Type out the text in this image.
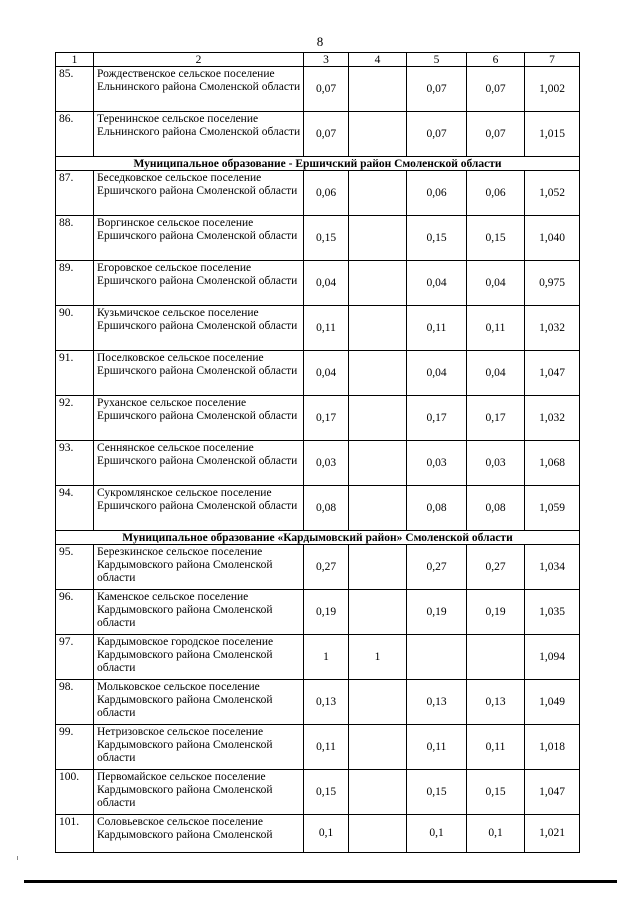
8
1	2	3	4	5	6	7
85.	Рождественское сельское поселение Ельнинского района Смоленской области	0,07		0,07	0,07	1,002
86.	Теренинское сельское поселение Ельнинского района Смоленской области	0,07		0,07	0,07	1,015
Муниципальное образование - Ершичский район Смоленской области						
87.	Беседковское сельское поселение Ершичского района Смоленской области	0,06		0,06	0,06	1,052
88.	Воргинское сельское поселение Ершичского района Смоленской области	0,15		0,15	0,15	1,040
89.	Егоровское сельское поселение Ершичского района Смоленской области	0,04		0,04	0,04	0,975
90.	Кузьмичское сельское поселение Ершичского района Смоленской области	0,11		0,11	0,11	1,032
91.	Поселковское сельское поселение Ершичского района Смоленской области	0,04		0,04	0,04	1,047
92.	Руханское сельское поселение Ершичского района Смоленской области	0,17		0,17	0,17	1,032
93.	Сеннянское сельское поселение Ершичского района Смоленской области	0,03		0,03	0,03	1,068
94.	Сукромлянское сельское поселение Ершичского района Смоленской области	0,08		0,08	0,08	1,059
Муниципальное образование «Кардымовский район» Смоленской области						
95.	Березкинское сельское поселение Кардымовского района Смоленской области	0,27		0,27	0,27	1,034
96.	Каменское сельское поселение Кардымовского района Смоленской области	0,19		0,19	0,19	1,035
97.	Кардымовское городское поселение Кардымовского района Смоленской области	1	1			1,094
98.	Мольковское сельское поселение Кардымовского района Смоленской области	0,13		0,13	0,13	1,049
99.	Нетризовское сельское поселение Кардымовского района Смоленской области	0,11		0,11	0,11	1,018
100.	Первомайское сельское поселение Кардымовского района Смоленской области	0,15		0,15	0,15	1,047
101.	Соловьевское сельское поселение Кардымовского района Смоленской	0,1		0,1	0,1	1,021
